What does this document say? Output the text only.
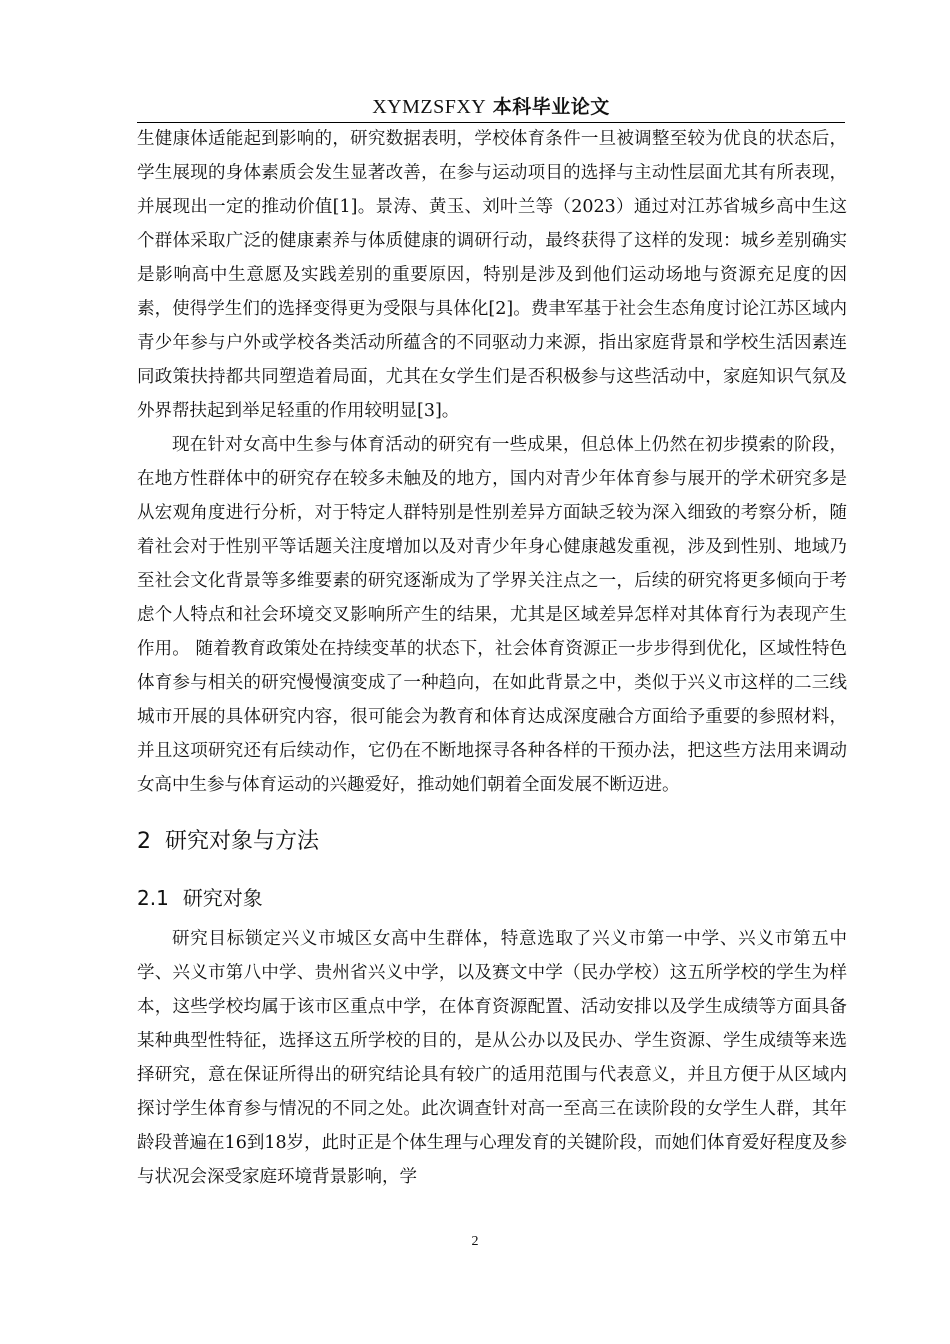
XYMZSFXY 本科毕业论文

生健康体适能起到影响的，研究数据表明，学校体育条件一旦被调整至较为优良的状态后，学生展现的身体素质会发生显著改善，在参与运动项目的选择与主动性层面尤其有所表现，并展现出一定的推动价值[1]。景涛、黄玉、刘叶兰等（2023）通过对江苏省城乡高中生这个群体采取广泛的健康素养与体质健康的调研行动，最终获得了这样的发现：城乡差别确实是影响高中生意愿及实践差别的重要原因，特别是涉及到他们运动场地与资源充足度的因素，使得学生们的选择变得更为受限与具体化[2]。费聿军基于社会生态角度讨论江苏区域内青少年参与户外或学校各类活动所蕴含的不同驱动力来源，指出家庭背景和学校生活因素连同政策扶持都共同塑造着局面，尤其在女学生们是否积极参与这些活动中，家庭知识气氛及外界帮扶起到举足轻重的作用较明显[3]。

现在针对女高中生参与体育活动的研究有一些成果，但总体上仍然在初步摸索的阶段，在地方性群体中的研究存在较多未触及的地方，国内对青少年体育参与展开的学术研究多是从宏观角度进行分析，对于特定人群特别是性别差异方面缺乏较为深入细致的考察分析，随着社会对于性别平等话题关注度增加以及对青少年身心健康越发重视，涉及到性别、地域乃至社会文化背景等多维要素的研究逐渐成为了学界关注点之一，后续的研究将更多倾向于考虑个人特点和社会环境交叉影响所产生的结果，尤其是区域差异怎样对其体育行为表现产生作用。 随着教育政策处在持续变革的状态下，社会体育资源正一步步得到优化，区域性特色体育参与相关的研究慢慢演变成了一种趋向，在如此背景之中，类似于兴义市这样的二三线城市开展的具体研究内容，很可能会为教育和体育达成深度融合方面给予重要的参照材料，并且这项研究还有后续动作，它仍在不断地探寻各种各样的干预办法，把这些方法用来调动女高中生参与体育运动的兴趣爱好，推动她们朝着全面发展不断迈进。

2 研究对象与方法
2.1 研究对象

研究目标锁定兴义市城区女高中生群体，特意选取了兴义市第一中学、兴义市第五中学、兴义市第八中学、贵州省兴义中学，以及赛文中学（民办学校）这五所学校的学生为样本，这些学校均属于该市区重点中学，在体育资源配置、活动安排以及学生成绩等方面具备某种典型性特征，选择这五所学校的目的，是从公办以及民办、学生资源、学生成绩等来选择研究，意在保证所得出的研究结论具有较广的适用范围与代表意义，并且方便于从区域内探讨学生体育参与情况的不同之处。此次调查针对高一至高三在读阶段的女学生人群，其年龄段普遍在16到18岁，此时正是个体生理与心理发育的关键阶段，而她们体育爱好程度及参与状况会深受家庭环境背景影响，学

2
